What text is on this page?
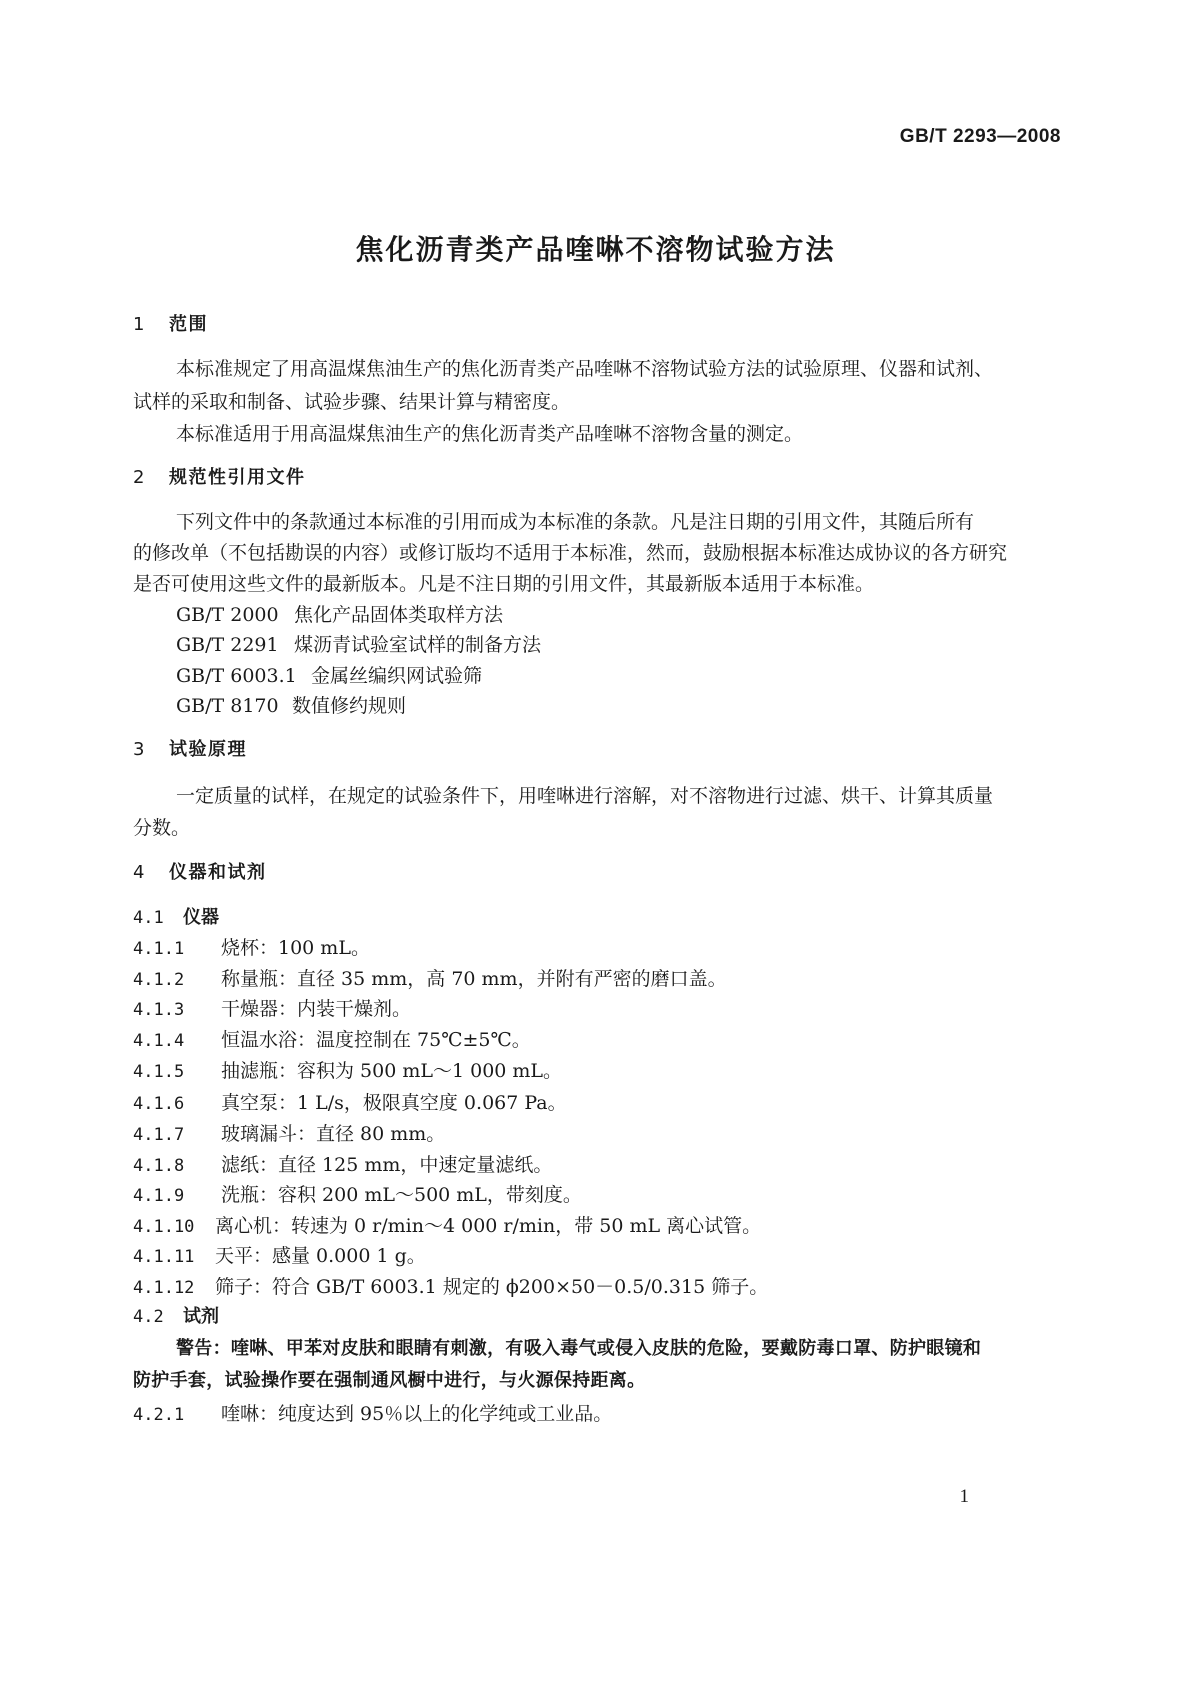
GB/T 2293—2008
焦化沥青类产品喹啉不溶物试验方法
1 范围
本标准规定了用高温煤焦油生产的焦化沥青类产品喹啉不溶物试验方法的试验原理、仪器和试剂、
试样的采取和制备、试验步骤、结果计算与精密度。
本标准适用于用高温煤焦油生产的焦化沥青类产品喹啉不溶物含量的测定。
2 规范性引用文件
下列文件中的条款通过本标准的引用而成为本标准的条款。凡是注日期的引用文件，其随后所有
的修改单（不包括勘误的内容）或修订版均不适用于本标准，然而，鼓励根据本标准达成协议的各方研究
是否可使用这些文件的最新版本。凡是不注日期的引用文件，其最新版本适用于本标准。
GB/T 2000 焦化产品固体类取样方法
GB/T 2291 煤沥青试验室试样的制备方法
GB/T 6003.1 金属丝编织网试验筛
GB/T 8170 数值修约规则
3 试验原理
一定质量的试样，在规定的试验条件下，用喹啉进行溶解，对不溶物进行过滤、烘干、计算其质量
分数。
4 仪器和试剂
4.1 仪器
4.1.1 烧杯：100 mL。
4.1.2 称量瓶：直径 35 mm，高 70 mm，并附有严密的磨口盖。
4.1.3 干燥器：内装干燥剂。
4.1.4 恒温水浴：温度控制在 75℃±5℃。
4.1.5 抽滤瓶：容积为 500 mL～1 000 mL。
4.1.6 真空泵：1 L/s，极限真空度 0.067 Pa。
4.1.7 玻璃漏斗：直径 80 mm。
4.1.8 滤纸：直径 125 mm，中速定量滤纸。
4.1.9 洗瓶：容积 200 mL～500 mL，带刻度。
4.1.10 离心机：转速为 0 r/min～4 000 r/min，带 50 mL 离心试管。
4.1.11 天平：感量 0.000 1 g。
4.1.12 筛子：符合 GB/T 6003.1 规定的 ϕ200×50－0.5/0.315 筛子。
4.2 试剂
警告：喹啉、甲苯对皮肤和眼睛有刺激，有吸入毒气或侵入皮肤的危险，要戴防毒口罩、防护眼镜和
防护手套，试验操作要在强制通风橱中进行，与火源保持距离。
4.2.1 喹啉：纯度达到 95％以上的化学纯或工业品。
1
